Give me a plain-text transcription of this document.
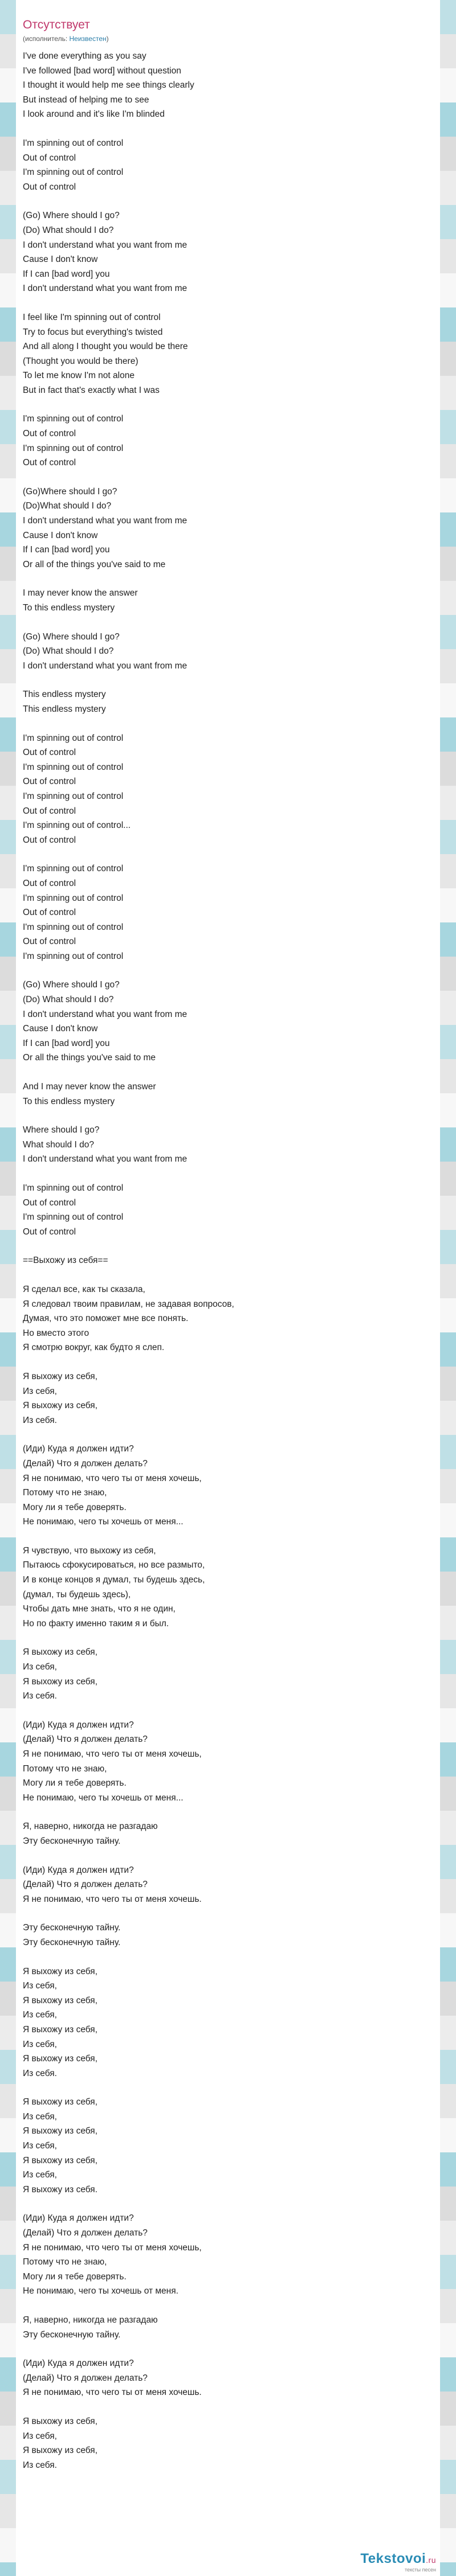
Отсутствует
(исполнитель: Неизвестен)
I've done everything as you say
I've followed [bad word] without question
I thought it would help me see things clearly
But instead of helping me to see
I look around and it's like I'm blinded
I'm spinning out of control
Out of control
I'm spinning out of control
Out of control
(Go) Where should I go?
(Do) What should I do?
I don't understand what you want from me
Cause I don't know
If I can [bad word] you
I don't understand what you want from me
I feel like I'm spinning out of control
Try to focus but everything's twisted
And all along I thought you would be there
(Thought you would be there)
To let me know I'm not alone
But in fact that's exactly what I was
I'm spinning out of control
Out of control
I'm spinning out of control
Out of control
(Go)Where should I go?
(Do)What should I do?
I don't understand what you want from me
Cause I don't know
If I can [bad word] you
Or all of the things you've said to me
I may never know the answer
To this endless mystery
(Go) Where should I go?
(Do) What should I do?
I don't understand what you want from me
This endless mystery
This endless mystery
I'm spinning out of control
Out of control
I'm spinning out of control
Out of control
I'm spinning out of control
Out of control
I'm spinning out of control...
Out of control
I'm spinning out of control
Out of control
I'm spinning out of control
Out of control
I'm spinning out of control
Out of control
I'm spinning out of control
(Go) Where should I go?
(Do) What should I do?
I don't understand what you want from me
Cause I don't know
If I can [bad word] you
Or all the things you've said to me
And I may never know the answer
To this endless mystery
Where should I go?
What should I do?
I don't understand what you want from me
I'm spinning out of control
Out of control
I'm spinning out of control
Out of control
==Выхожу из себя==
Я сделал все, как ты сказала,
Я следовал твоим правилам, не задавая вопросов,
Думая, что это поможет мне все понять.
Но вместо этого
Я смотрю вокруг, как будто я слеп.
Я выхожу из себя,
Из себя,
Я выхожу из себя,
Из себя.
(Иди) Куда я должен идти?
(Делай) Что я должен делать?
Я не понимаю, что чего ты от меня хочешь,
Потому что не знаю,
Могу ли я тебе доверять.
Не понимаю, чего ты хочешь от меня...
Я чувствую, что выхожу из себя,
Пытаюсь сфокусироваться, но все размыто,
И в конце концов я думал, ты будешь здесь,
(думал, ты будешь здесь),
Чтобы дать мне знать, что я не один,
Но по факту именно таким я и был.
Я выхожу из себя,
Из себя,
Я выхожу из себя,
Из себя.
(Иди) Куда я должен идти?
(Делай) Что я должен делать?
Я не понимаю, что чего ты от меня хочешь,
Потому что не знаю,
Могу ли я тебе доверять.
Не понимаю, чего ты хочешь от меня...
Я, наверно, никогда не разгадаю
Эту бесконечную тайну.
(Иди) Куда я должен идти?
(Делай) Что я должен делать?
Я не понимаю, что чего ты от меня хочешь.
Эту бесконечную тайну.
Эту бесконечную тайну.
Я выхожу из себя,
Из себя,
Я выхожу из себя,
Из себя,
Я выхожу из себя,
Из себя,
Я выхожу из себя,
Из себя.
Я выхожу из себя,
Из себя,
Я выхожу из себя,
Из себя,
Я выхожу из себя,
Из себя,
Я выхожу из себя.
(Иди) Куда я должен идти?
(Делай) Что я должен делать?
Я не понимаю, что чего ты от меня хочешь,
Потому что не знаю,
Могу ли я тебе доверять.
Не понимаю, чего ты хочешь от меня.
Я, наверно, никогда не разгадаю
Эту бесконечную тайну.
(Иди) Куда я должен идти?
(Делай) Что я должен делать?
Я не понимаю, что чего ты от меня хочешь.
Я выхожу из себя,
Из себя,
Я выхожу из себя,
Из себя.
Tekstovoi.ru
тексты песен
